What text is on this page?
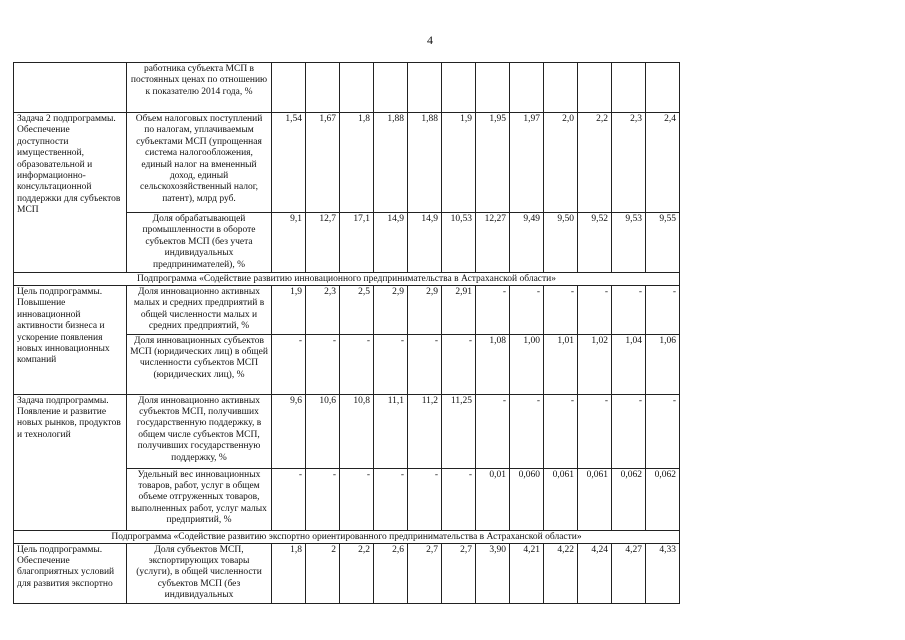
4
	работника субъекта МСП в постоянных ценах по отношению к показателю 2014 года, %												
Задача 2 подпрограммы. Обеспечение доступности имущественной, образовательной и информационно-консультационной поддержки для субъектов МСП	Объем налоговых поступлений по налогам, уплачиваемым субъектами МСП (упрощенная система налогообложения, единый налог на вмененный доход, единый сельскохозяйственный налог, патент), млрд руб.	1,54	1,67	1,8	1,88	1,88	1,9	1,95	1,97	2,0	2,2	2,3	2,4
	Доля обрабатывающей промышленности в обороте субъектов МСП (без учета индивидуальных предпринимателей), %	9,1	12,7	17,1	14,9	14,9	10,53	12,27	9,49	9,50	9,52	9,53	9,55
Подпрограмма «Содействие развитию инновационного предпринимательства в Астраханской области»													
Цель подпрограммы. Повышение инновационной активности бизнеса и ускорение появления новых инновационных компаний	Доля инновационно активных малых и средних предприятий в общей численности малых и средних предприятий, %	1,9	2,3	2,5	2,9	2,9	2,91	-	-	-	-	-	-
	Доля инновационных субъектов МСП (юридических лиц) в общей численности субъектов МСП (юридических лиц), %	-	-	-	-	-	-	1,08	1,00	1,01	1,02	1,04	1,06
Задача подпрограммы. Появление и развитие новых рынков, продуктов и технологий	Доля инновационно активных субъектов МСП, получивших государственную поддержку, в общем числе субъектов МСП, получивших государственную поддержку, %	9,6	10,6	10,8	11,1	11,2	11,25	-	-	-	-	-	-
	Удельный вес инновационных товаров, работ, услуг в общем объеме отгруженных товаров, выполненных работ, услуг малых предприятий, %	-	-	-	-	-	-	0,01	0,060	0,061	0,061	0,062	0,062
Подпрограмма «Содействие развитию экспортно ориентированного предпринимательства в Астраханской области»													
Цель подпрограммы. Обеспечение благоприятных условий для развития экспортно	Доля субъектов МСП, экспортирующих товары (услуги), в общей численности субъектов МСП (без индивидуальных	1,8	2	2,2	2,6	2,7	2,7	3,90	4,21	4,22	4,24	4,27	4,33
